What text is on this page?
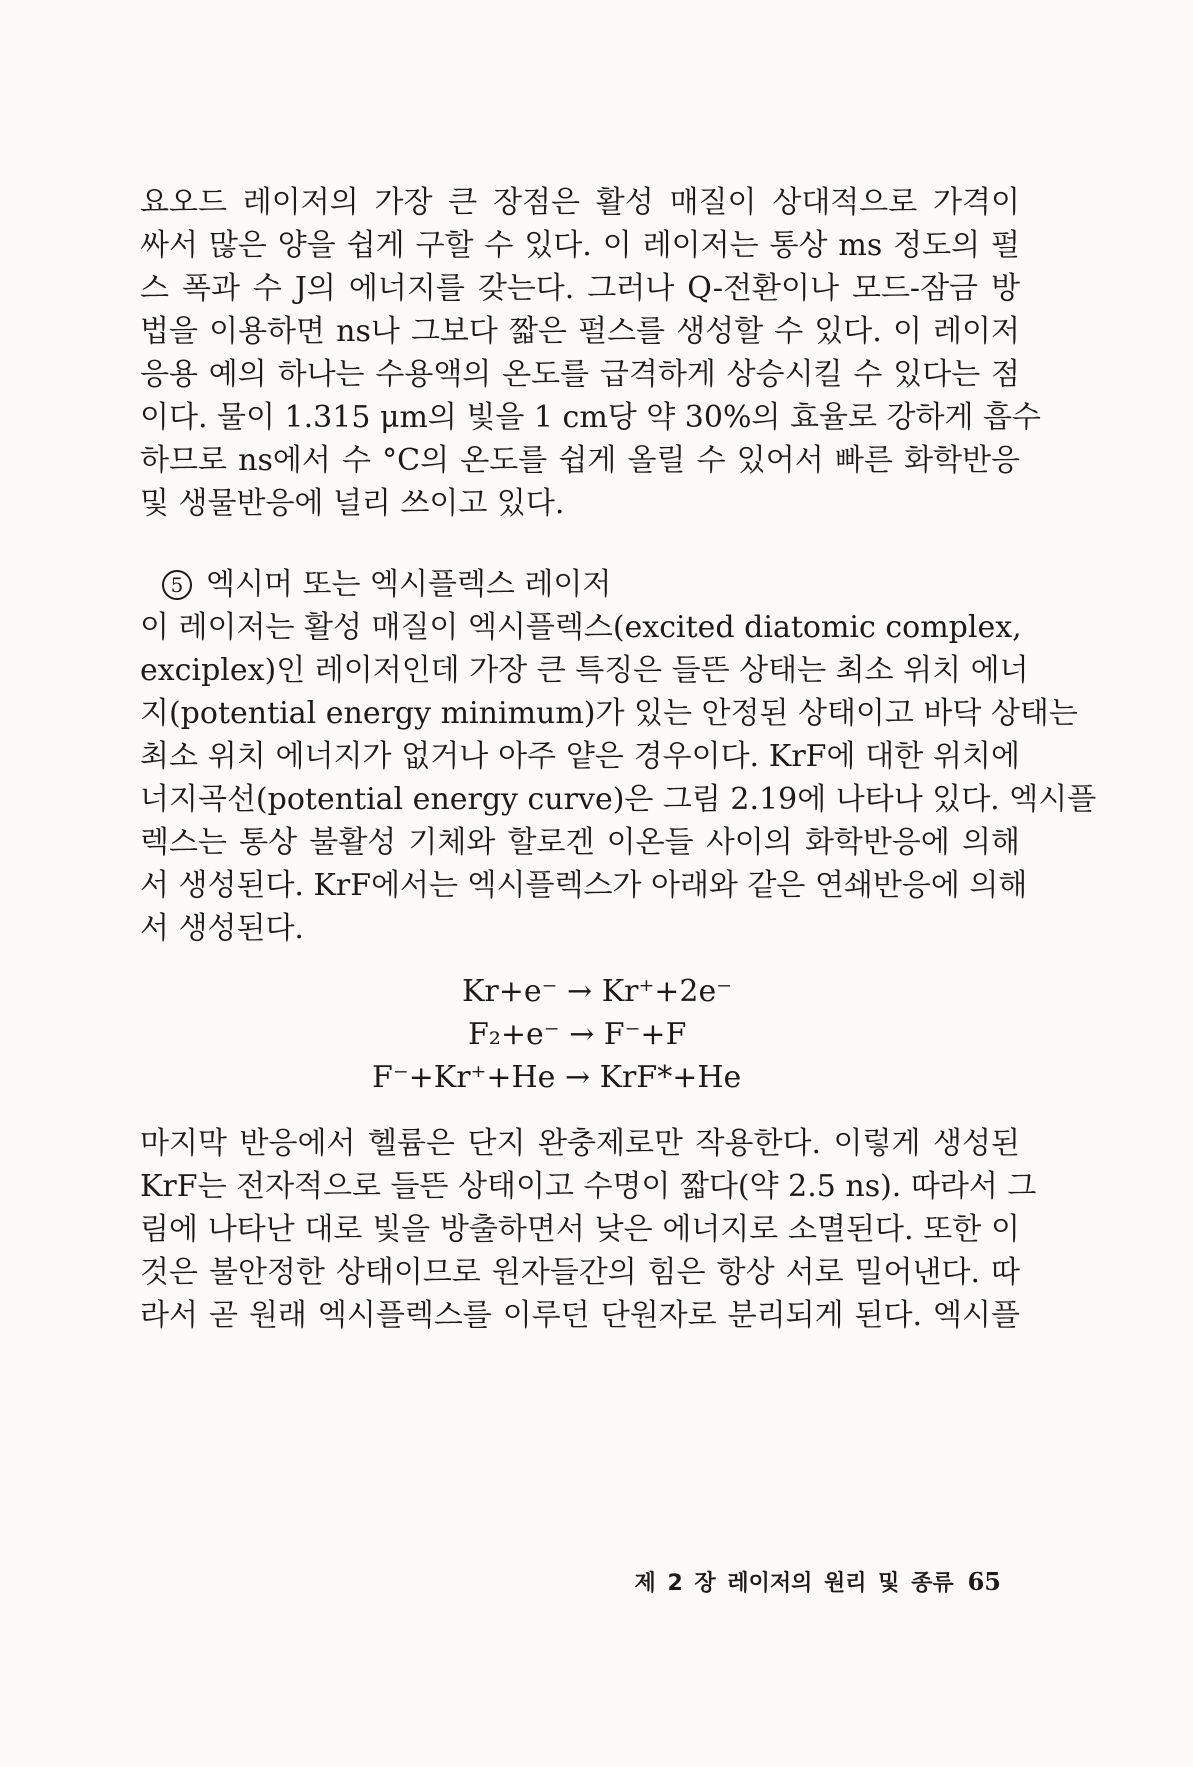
요오드 레이저의 가장 큰 장점은 활성 매질이 상대적으로 가격이
싸서 많은 양을 쉽게 구할 수 있다. 이 레이저는 통상 ms 정도의 펄
스 폭과 수 J의 에너지를 갖는다. 그러나 Q-전환이나 모드-잠금 방
법을 이용하면 ns나 그보다 짧은 펄스를 생성할 수 있다. 이 레이저
응용 예의 하나는 수용액의 온도를 급격하게 상승시킬 수 있다는 점
이다. 물이 1.315 μm의 빛을 1 cm당 약 30%의 효율로 강하게 흡수
하므로 ns에서 수 °C의 온도를 쉽게 올릴 수 있어서 빠른 화학반응
및 생물반응에 널리 쓰이고 있다.
5 엑시머 또는 엑시플렉스 레이저
이 레이저는 활성 매질이 엑시플렉스(excited diatomic complex,
exciplex)인 레이저인데 가장 큰 특징은 들뜬 상태는 최소 위치 에너
지(potential energy minimum)가 있는 안정된 상태이고 바닥 상태는
최소 위치 에너지가 없거나 아주 얕은 경우이다. KrF에 대한 위치에
너지곡선(potential energy curve)은 그림 2.19에 나타나 있다. 엑시플
렉스는 통상 불활성 기체와 할로겐 이온들 사이의 화학반응에 의해
서 생성된다. KrF에서는 엑시플렉스가 아래와 같은 연쇄반응에 의해
서 생성된다.
Kr+e⁻ → Kr⁺+2e⁻
F₂+e⁻ → F⁻+F
F⁻+Kr⁺+He → KrF*+He
마지막 반응에서 헬륨은 단지 완충제로만 작용한다. 이렇게 생성된
KrF는 전자적으로 들뜬 상태이고 수명이 짧다(약 2.5 ns). 따라서 그
림에 나타난 대로 빛을 방출하면서 낮은 에너지로 소멸된다. 또한 이
것은 불안정한 상태이므로 원자들간의 힘은 항상 서로 밀어낸다. 따
라서 곧 원래 엑시플렉스를 이루던 단원자로 분리되게 된다. 엑시플
제 2 장 레이저의 원리 및 종류 65
